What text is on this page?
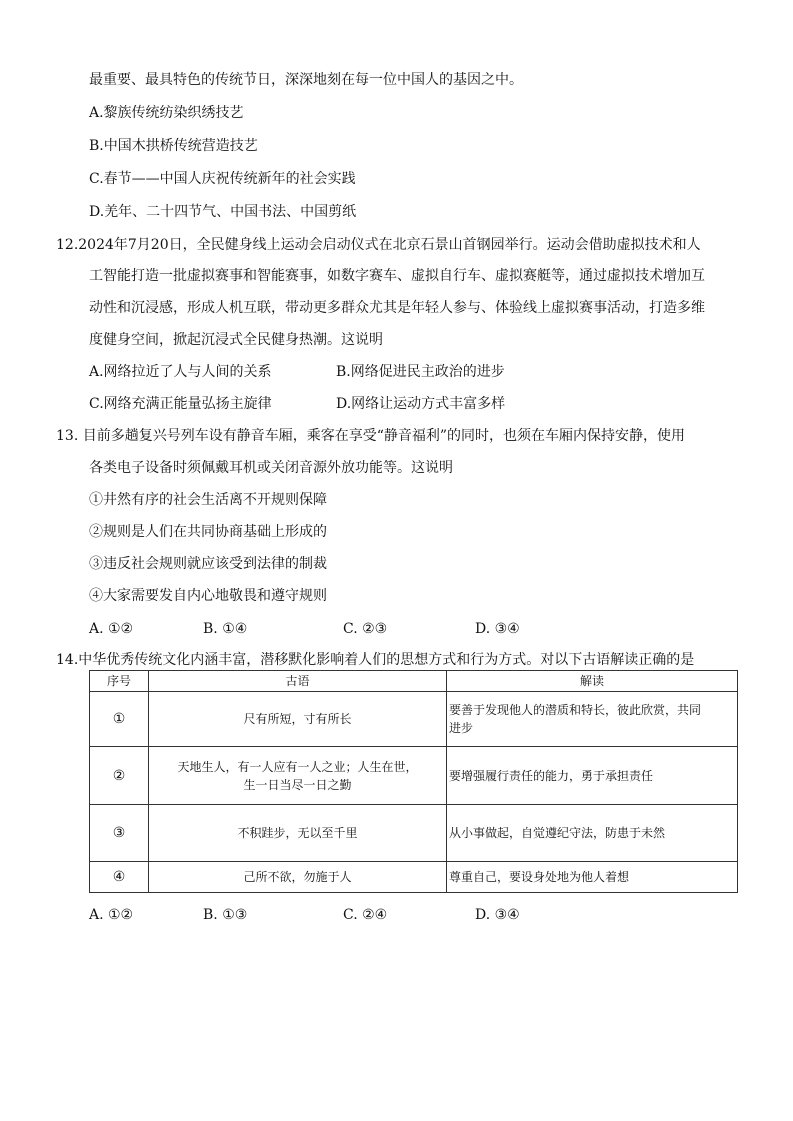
最重要、最具特色的传统节日，深深地刻在每一位中国人的基因之中。
A.黎族传统纺染织绣技艺
B.中国木拱桥传统营造技艺
C.春节——中国人庆祝传统新年的社会实践
D.羌年、二十四节气、中国书法、中国剪纸
12.2024年7月20日，全民健身线上运动会启动仪式在北京石景山首钢园举行。运动会借助虚拟技术和人
工智能打造一批虚拟赛事和智能赛事，如数字赛车、虚拟自行车、虚拟赛艇等，通过虚拟技术增加互
动性和沉浸感，形成人机互联，带动更多群众尤其是年轻人参与、体验线上虚拟赛事活动，打造多维
度健身空间，掀起沉浸式全民健身热潮。这说明
A.网络拉近了人与人间的关系	B.网络促进民主政治的进步
C.网络充满正能量弘扬主旋律	D.网络让运动方式丰富多样
13. 目前多趟复兴号列车设有静音车厢，乘客在享受“静音福利”的同时，也须在车厢内保持安静，使用
各类电子设备时须佩戴耳机或关闭音源外放功能等。这说明
①井然有序的社会生活离不开规则保障
②规则是人们在共同协商基础上形成的
③违反社会规则就应该受到法律的制裁
④大家需要发自内心地敬畏和遵守规则
A. ①②	B. ①④	C. ②③	D. ③④
14.中华优秀传统文化内涵丰富，潜移默化影响着人们的思想方式和行为方式。对以下古语解读正确的是
序号	古语	解读
①	尺有所短，寸有所长	要善于发现他人的潜质和特长，彼此欣赏，共同
进步

②	天地生人，有一人应有一人之业；人生在世，
生一日当尽一日之勤	要增强履行责任的能力，勇于承担责任

③	不积跬步，无以至千里	从小事做起，自觉遵纪守法，防患于未然

④	己所不欲，勿施于人	尊重自己，要设身处地为他人着想
A. ①②	B. ①③	C. ②④	D. ③④
